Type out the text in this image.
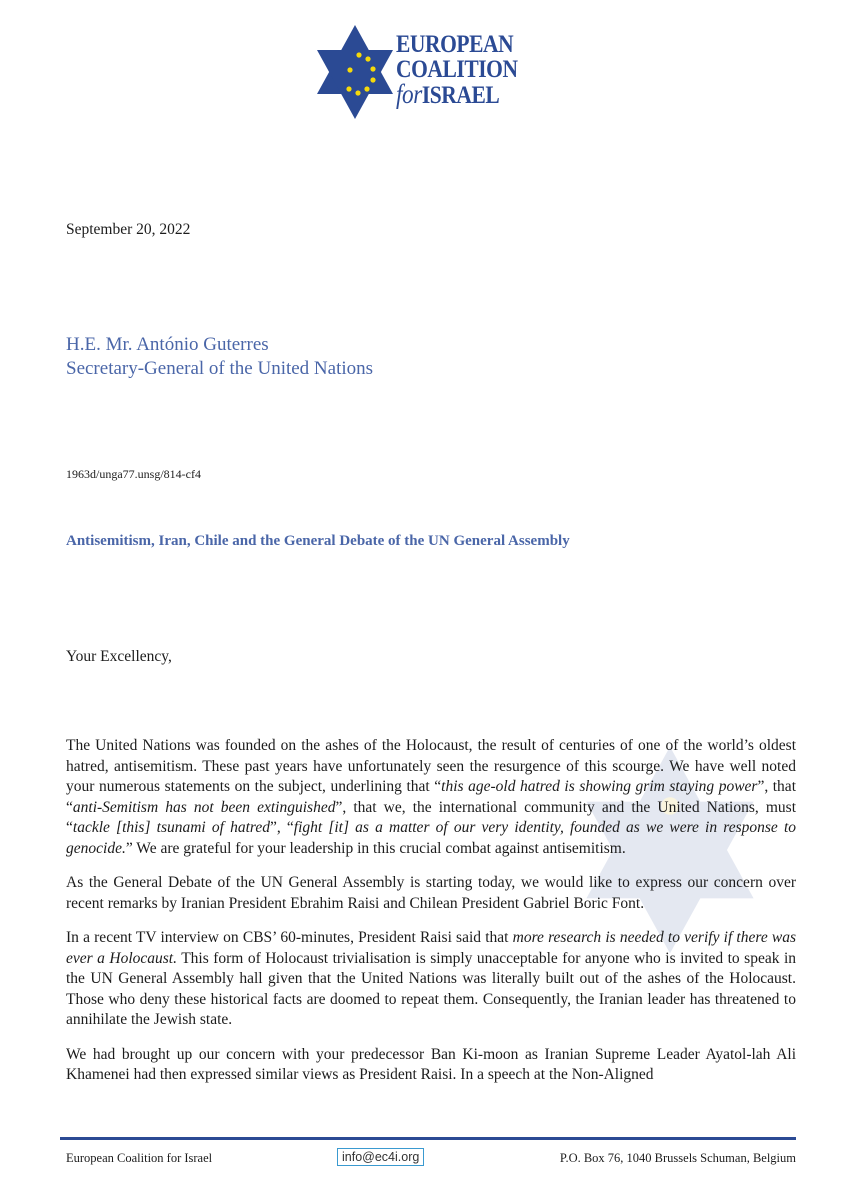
EUROPEAN
COALITION
forISRAEL
September 20, 2022
H.E. Mr. António Guterres
Secretary-General of the United Nations
1963d/unga77.unsg/814-cf4
Antisemitism, Iran, Chile and the General Debate of the UN General Assembly
Your Excellency,

The United Nations was founded on the ashes of the Holocaust, the result of centuries of one of the world’s oldest hatred, antisemitism. These past years have unfortunately seen the resurgence of this scourge. We have well noted your numerous statements on the subject, underlining that “this age-old hatred is showing grim staying power”, that “anti-Semitism has not been extinguished”, that we, the international community and the United Nations, must “tackle [this] tsunami of hatred”, “fight [it] as a matter of our very identity, founded as we were in response to genocide.” We are grateful for your leadership in this crucial combat against antisemitism.

As the General Debate of the UN General Assembly is starting today, we would like to express our concern over recent remarks by Iranian President Ebrahim Raisi and Chilean President Gabriel Boric Font.

In a recent TV interview on CBS’ 60-minutes, President Raisi said that more research is needed to verify if there was ever a Holocaust. This form of Holocaust trivialisation is simply unacceptable for anyone who is invited to speak in the UN General Assembly hall given that the United Nations was literally built out of the ashes of the Holocaust. Those who deny these historical facts are doomed to repeat them. Consequently, the Iranian leader has threatened to annihilate the Jewish state.

We had brought up our concern with your predecessor Ban Ki-moon as Iranian Supreme Leader Ayatol-lah Ali Khamenei had then expressed similar views as President Raisi. In a speech at the Non-Aligned

European Coalition for Israel	info@ec4i.org	P.O. Box 76, 1040 Brussels Schuman, Belgium
